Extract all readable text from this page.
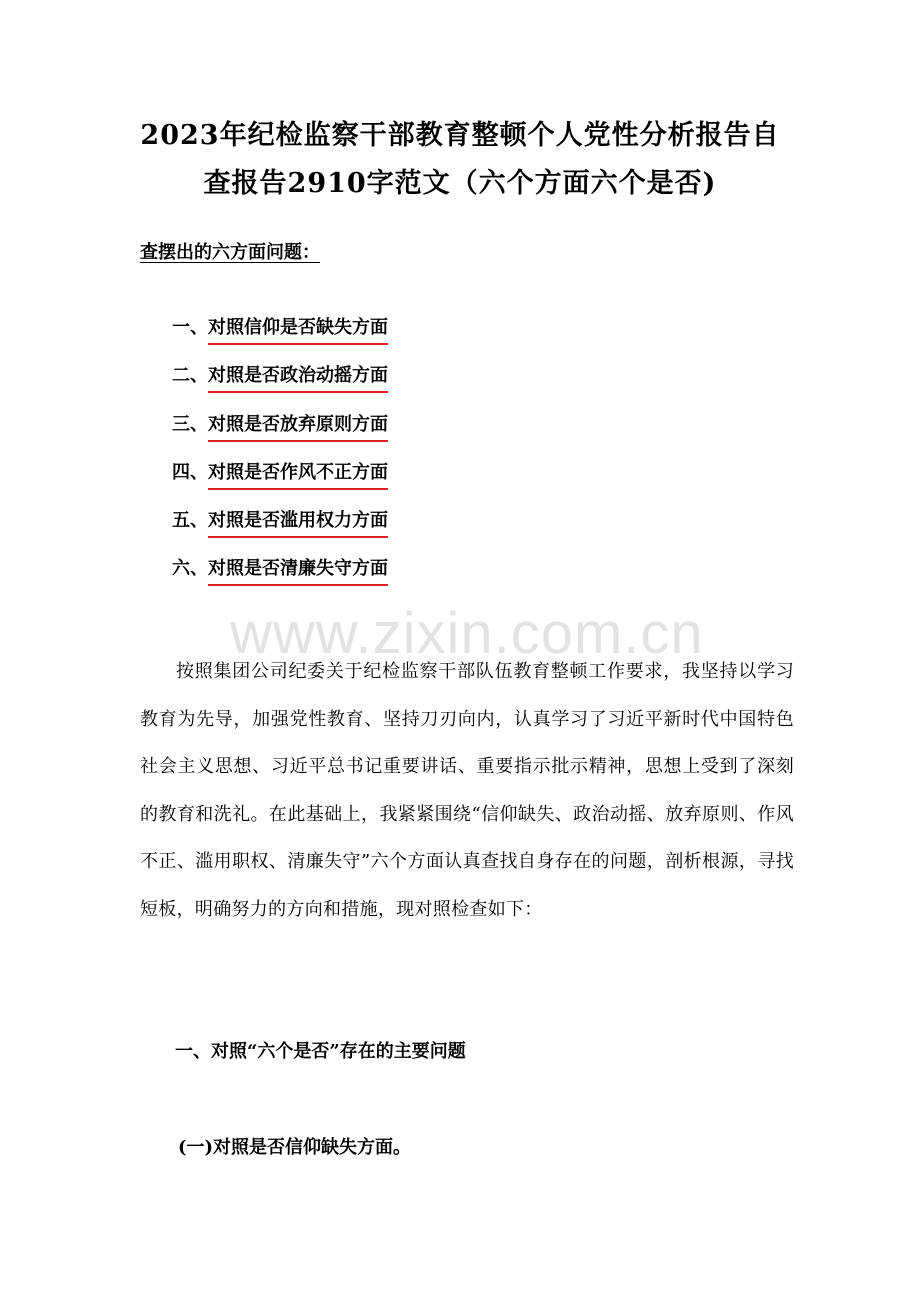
2023年纪检监察干部教育整顿个人党性分析报告自
查报告2910字范文（六个方面六个是否)
查摆出的六方面问题：
一、对照信仰是否缺失方面
二、对照是否政治动摇方面
三、对照是否放弃原则方面
四、对照是否作风不正方面
五、对照是否滥用权力方面
六、对照是否清廉失守方面
www.zixin.com.cn
按照集团公司纪委关于纪检监察干部队伍教育整顿工作要求，我坚持以学习教育为先导，加强党性教育、坚持刀刃向内，认真学习了习近平新时代中国特色社会主义思想、习近平总书记重要讲话、重要指示批示精神，思想上受到了深刻的教育和洗礼。在此基础上，我紧紧围绕“信仰缺失、政治动摇、放弃原则、作风不正、滥用职权、清廉失守”六个方面认真查找自身存在的问题，剖析根源，寻找短板，明确努力的方向和措施，现对照检查如下：
一、对照“六个是否”存在的主要问题
(一)对照是否信仰缺失方面。
